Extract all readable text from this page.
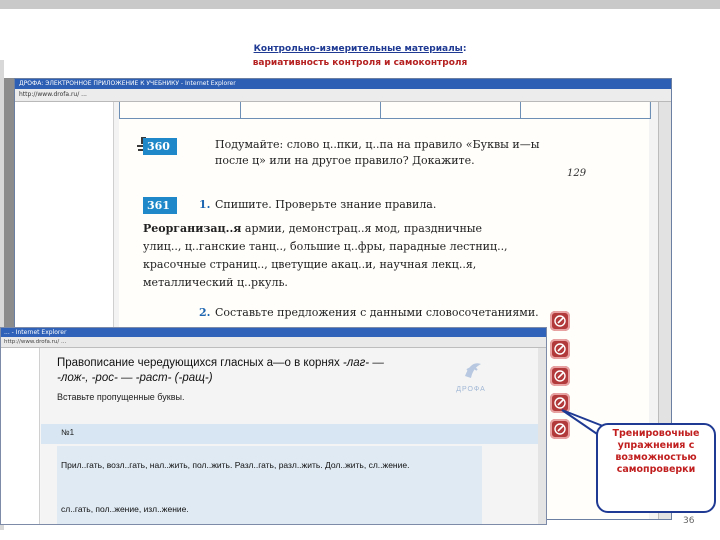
Контрольно-измерительные материалы:
вариативность контроля и самоконтроля
ДРОФА: ЭЛЕКТРОННОЕ ПРИЛОЖЕНИЕ К УЧЕБНИКУ - Internet Explorer
http://www.drofa.ru/ ...
360	Подумайте: слово ц..пки, ц..па на правило «Буквы и—ы
после ц» или на другое правило? Докажите.
129
361	1. Спишите. Проверьте знание правила.
Реорганизац..я армии, демонстрац..я мод, праздничные
улиц.., ц..ганские танц.., большие ц..фры, парадные лестниц..,
красочные страниц.., цветущие акац..и, научная лекц..я,
металлический ц..ркуль.
2. Составьте предложения с данными словосочетаниями.
... - Internet Explorer
http://www.drofa.ru/ ...
Правописание чередующихся гласных а—о в корнях -лаг- —
-лож-, -рос- — -раст- (-ращ-)
Вставьте пропущенные буквы.
ДРОФА
№1
Прил..гать, возл..гать, нал..жить, пол..жить. Разл..гать, разл..жить. Дол..жить, сл..жение.
сл..гать, пол..жение, изл..жение.
Тренировочные упражнения с возможностью самопроверки
36
